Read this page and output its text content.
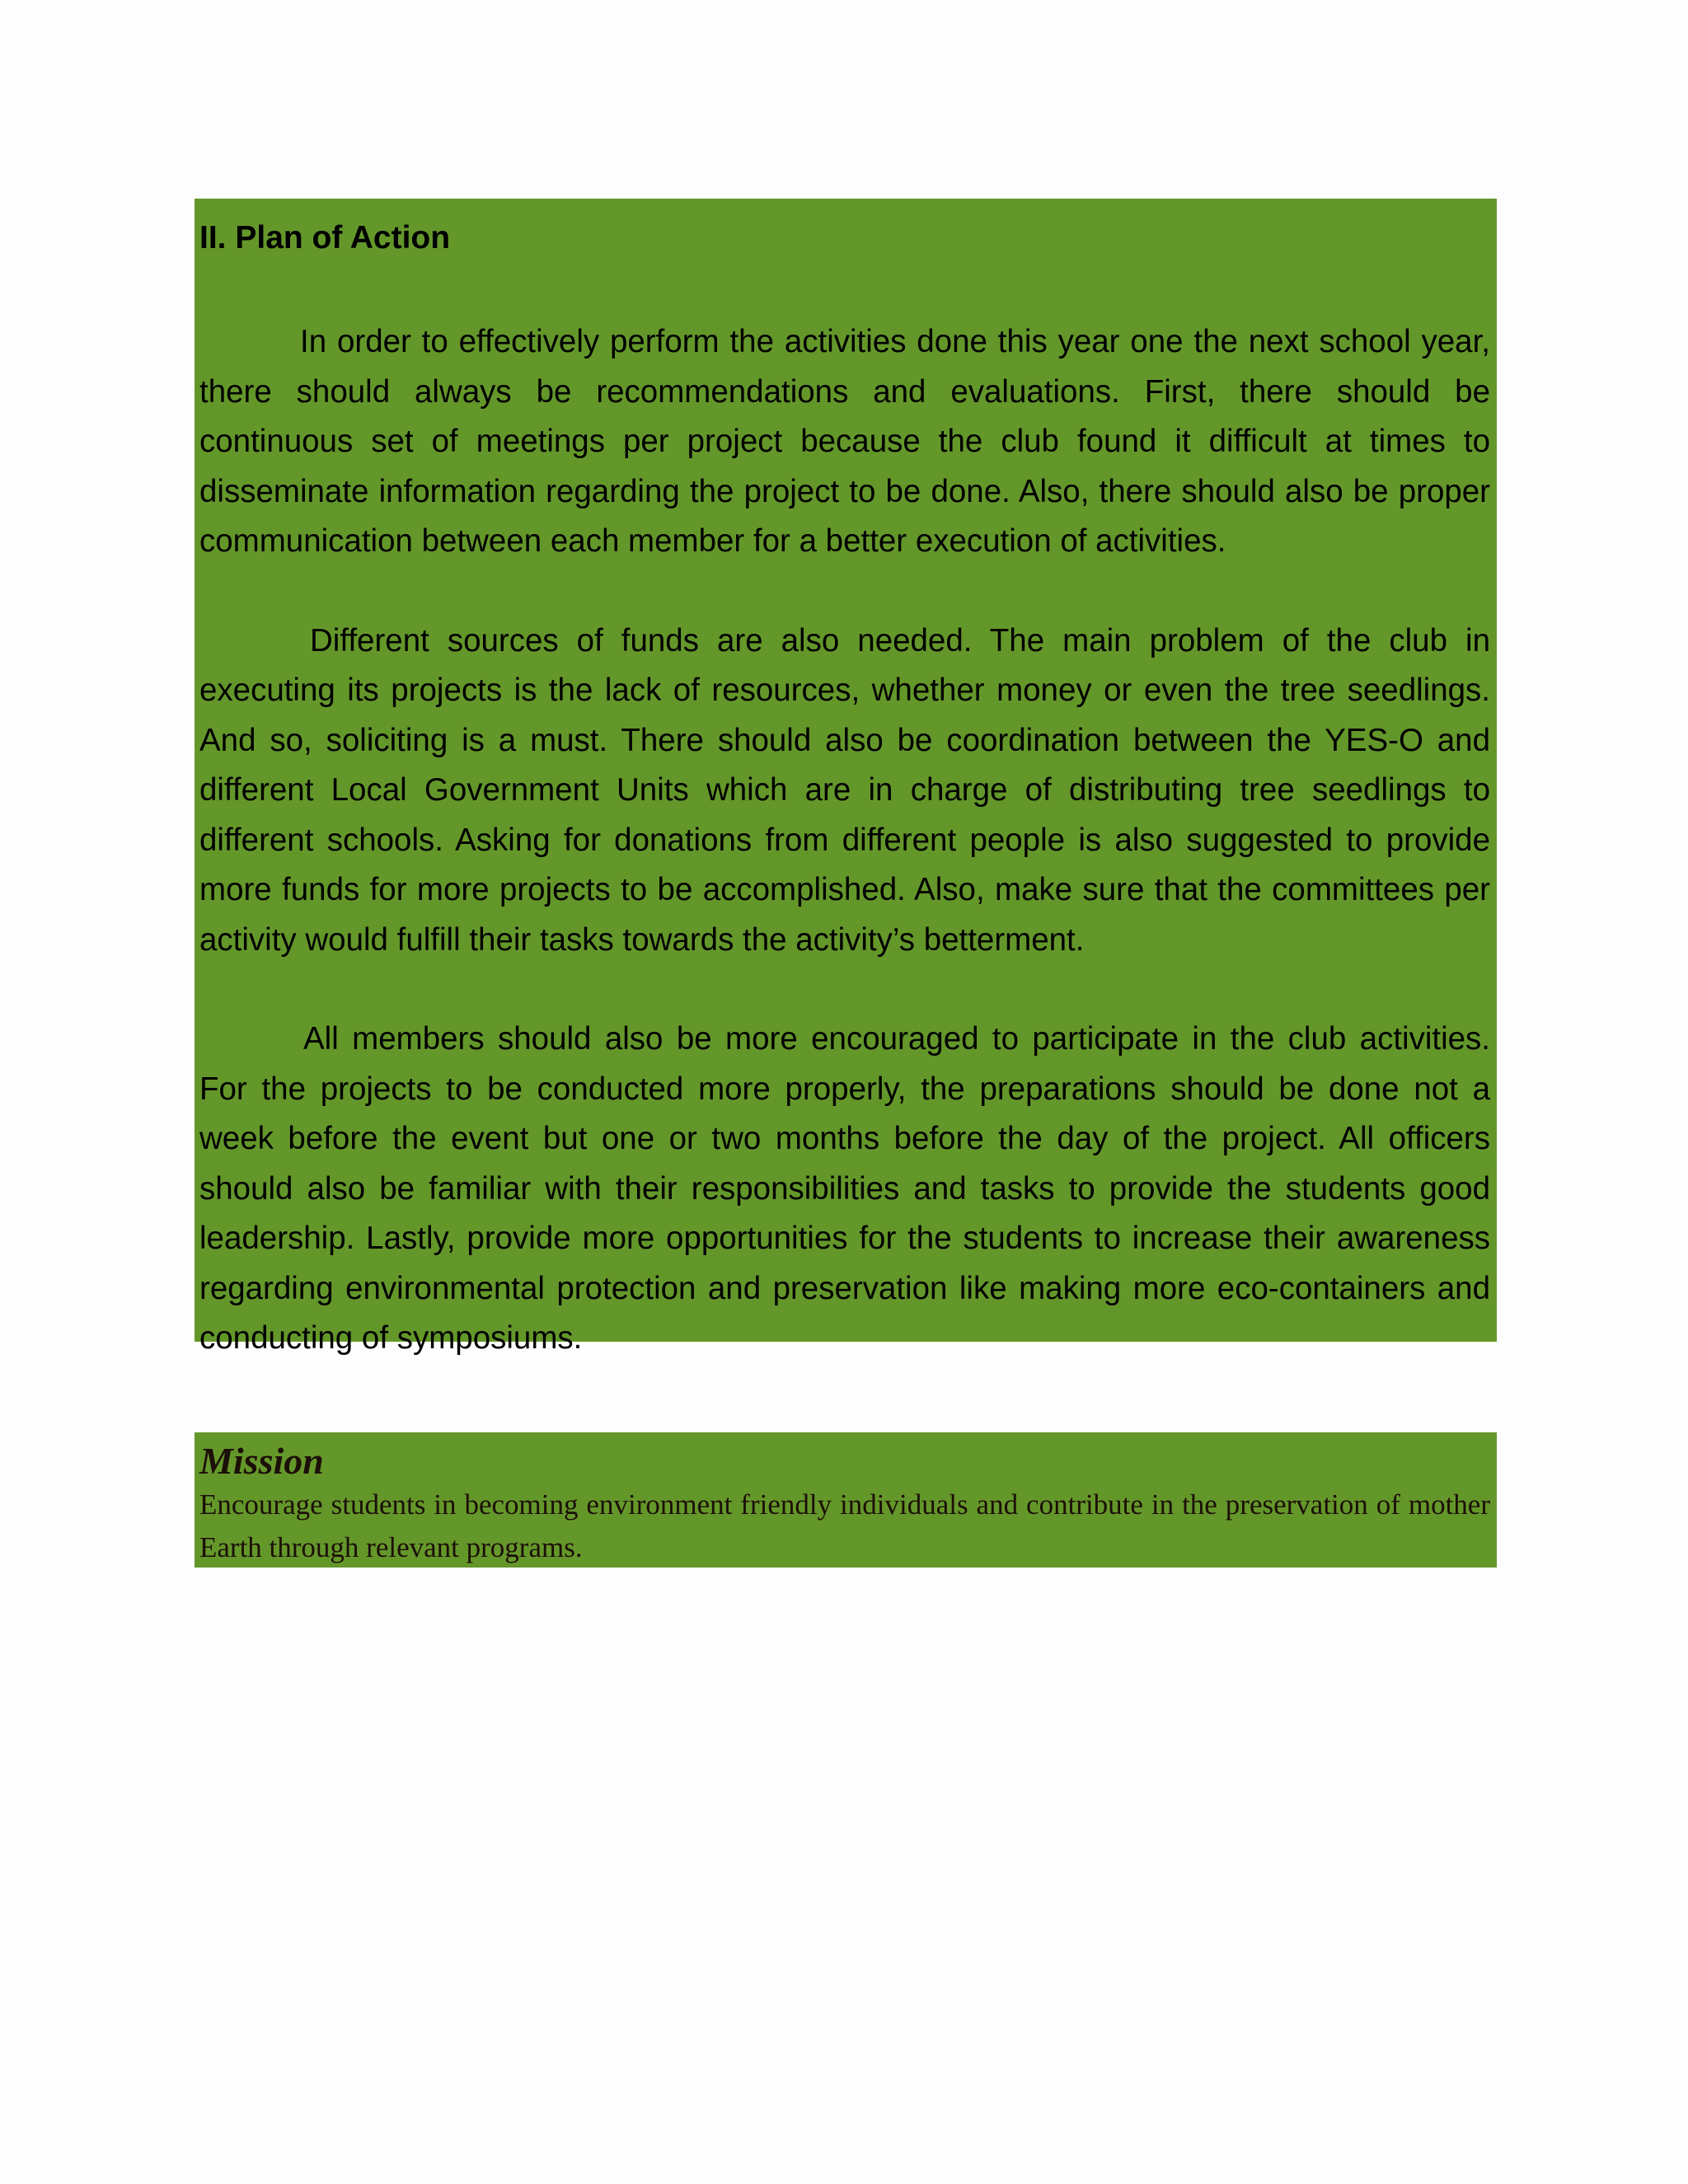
II. Plan of Action

In order to effectively perform the activities done this year one the next school year, there should always be recommendations and evaluations. First, there should be continuous set of meetings per project because the club found it difficult at times to disseminate information regarding the project to be done. Also, there should also be proper communication between each member for a better execution of activities.

Different sources of funds are also needed. The main problem of the club in executing its projects is the lack of resources, whether money or even the tree seedlings. And so, soliciting is a must. There should also be coordination between the YES-O and different Local Government Units which are in charge of distributing tree seedlings to different schools. Asking for donations from different people is also suggested to provide more funds for more projects to be accomplished. Also, make sure that the committees per activity would fulfill their tasks towards the activity’s betterment.

All members should also be more encouraged to participate in the club activities. For the projects to be conducted more properly, the preparations should be done not a week before the event but one or two months before the day of the project. All officers should also be familiar with their responsibilities and tasks to provide the students good leadership. Lastly, provide more opportunities for the students to increase their awareness regarding environmental protection and preservation like making more eco-containers and conducting of symposiums.

Mission

Encourage students in becoming environment friendly individuals and contribute in the preservation of mother Earth through relevant programs.
